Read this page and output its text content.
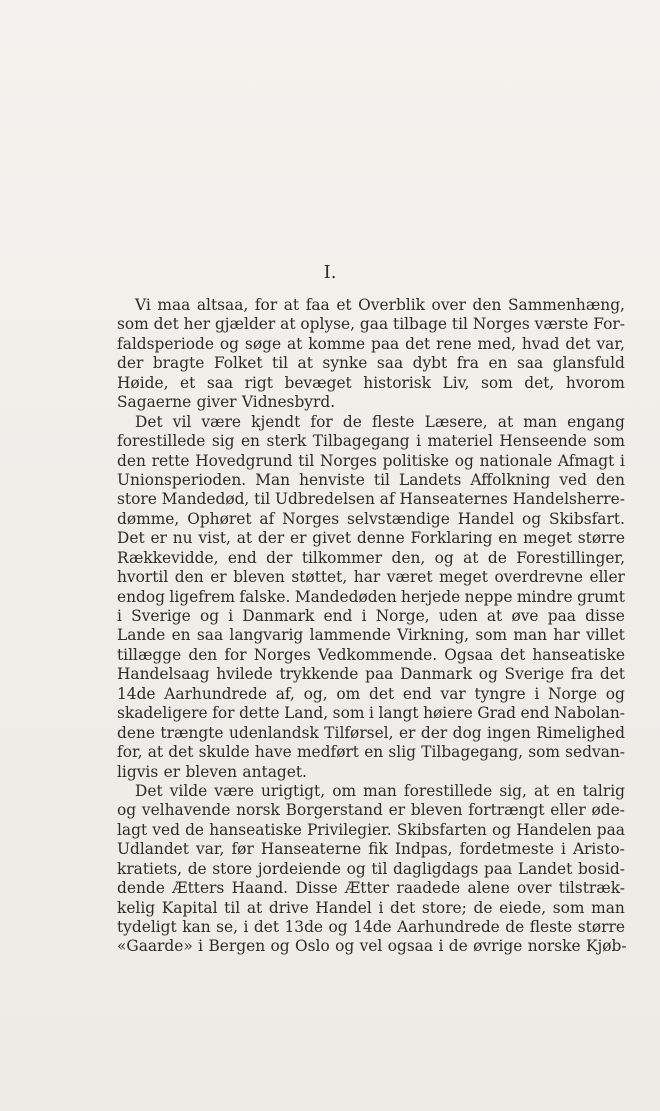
I.
Vi maa altsaa, for at faa et Overblik over den Sammenhæng,
som det her gjælder at oplyse, gaa tilbage til Norges værste For-
faldsperiode og søge at komme paa det rene med, hvad det var,
der bragte Folket til at synke saa dybt fra en saa glansfuld
Høide, et saa rigt bevæget historisk Liv, som det, hvorom
Sagaerne giver Vidnesbyrd.
Det vil være kjendt for de fleste Læsere, at man engang
forestillede sig en sterk Tilbagegang i materiel Henseende som
den rette Hovedgrund til Norges politiske og nationale Afmagt i
Unionsperioden. Man henviste til Landets Affolkning ved den
store Mandedød, til Udbredelsen af Hanseaternes Handelsherre-
dømme, Ophøret af Norges selvstændige Handel og Skibsfart.
Det er nu vist, at der er givet denne Forklaring en meget større
Rækkevidde, end der tilkommer den, og at de Forestillinger,
hvortil den er bleven støttet, har været meget overdrevne eller
endog ligefrem falske. Mandedøden herjede neppe mindre grumt
i Sverige og i Danmark end i Norge, uden at øve paa disse
Lande en saa langvarig lammende Virkning, som man har villet
tillægge den for Norges Vedkommende. Ogsaa det hanseatiske
Handelsaag hvilede trykkende paa Danmark og Sverige fra det
14de Aarhundrede af, og, om det end var tyngre i Norge og
skadeligere for dette Land, som i langt høiere Grad end Nabolan-
dene trængte udenlandsk Tilførsel, er der dog ingen Rimelighed
for, at det skulde have medført en slig Tilbagegang, som sedvan-
ligvis er bleven antaget.
Det vilde være urigtigt, om man forestillede sig, at en talrig
og velhavende norsk Borgerstand er bleven fortrængt eller øde-
lagt ved de hanseatiske Privilegier. Skibsfarten og Handelen paa
Udlandet var, før Hanseaterne fik Indpas, fordetmeste i Aristo-
kratiets, de store jordeiende og til dagligdags paa Landet bosid-
dende Ætters Haand. Disse Ætter raadede alene over tilstræk-
kelig Kapital til at drive Handel i det store; de eiede, som man
tydeligt kan se, i det 13de og 14de Aarhundrede de fleste større
«Gaarde» i Bergen og Oslo og vel ogsaa i de øvrige norske Kjøb-
